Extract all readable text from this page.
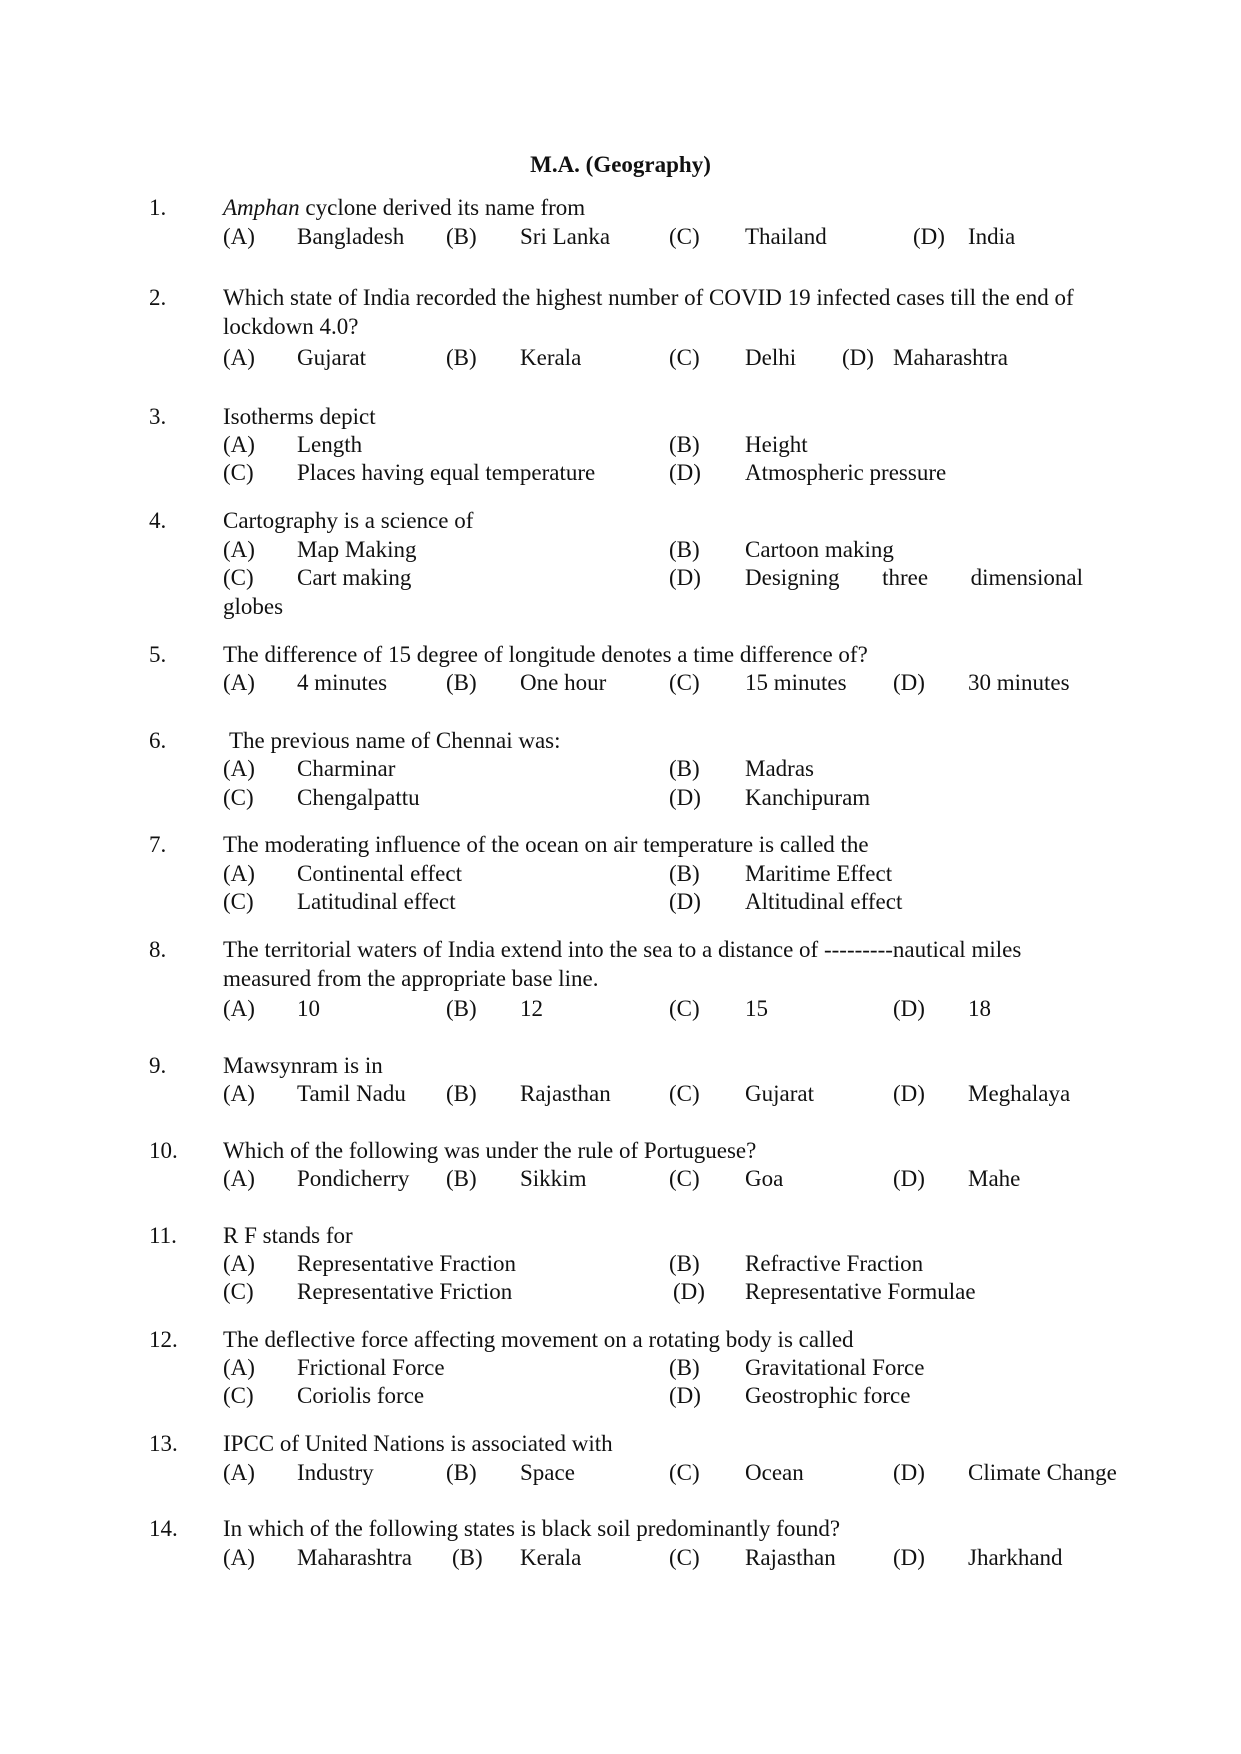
M.A. (Geography)
1. Amphan cyclone derived its name from
(A) Bangladesh (B) Sri Lanka	(C) Thailand	(D) India
2. Which state of India recorded the highest number of COVID 19 infected cases till the end of lockdown 4.0?
(A) Gujarat	(B) Kerala	(C) Delhi (D) Maharashtra
3. Isotherms depict
(A) Length	(B) Height
(C) Places having equal temperature	(D) Atmospheric pressure
4. Cartography is a science of
(A) Map Making	(B) Cartoon making
(C) Cart making	(D) Designing three dimensional
globes
5. The difference of 15 degree of longitude denotes a time difference of?
(A) 4 minutes	(B) One hour	(C) 15 minutes (D) 30 minutes
6.	The previous name of Chennai was:
(A) Charminar	(B) Madras
(C) Chengalpattu	(D) Kanchipuram
7. The moderating influence of the ocean on air temperature is called the
(A) Continental effect	(B) Maritime Effect
(C) Latitudinal effect	(D) Altitudinal effect
8. The territorial waters of India extend into the sea to a distance of ---------nautical miles measured from the appropriate base line.
(A) 10	(B) 12	(C) 15	(D) 18
9. Mawsynram is in
(A) Tamil Nadu (B) Rajasthan	(C) Gujarat	(D) Meghalaya
10. Which of the following was under the rule of Portuguese?
(A) Pondicherry (B) Sikkim	(C) Goa	(D) Mahe
11. R F stands for
(A) Representative Fraction	(B) Refractive Fraction
(C) Representative Friction	(D) Representative Formulae
12. The deflective force affecting movement on a rotating body is called
(A) Frictional Force	(B) Gravitational Force
(C) Coriolis force	(D) Geostrophic force
13. IPCC of United Nations is associated with
(A) Industry	(B) Space	(C) Ocean	(D) Climate Change
14. In which of the following states is black soil predominantly found?
(A) Maharashtra (B) Kerala	(C) Rajasthan (D) Jharkhand
